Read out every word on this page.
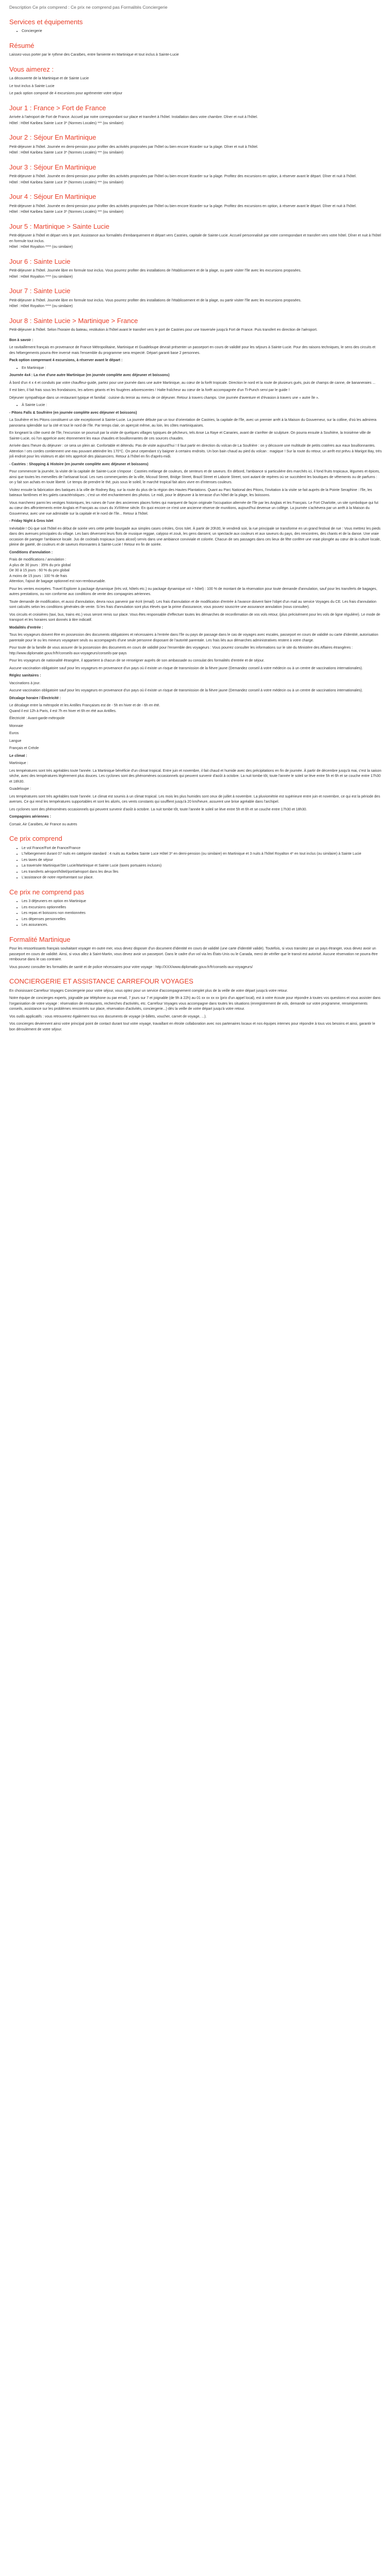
Description Ce prix comprend : Ce prix ne comprend pas Formalités Conciergerie
Services et équipements
• Conciergerie
Résumé

Laissez-vous porter par le rythme des Caraïbes, entre farniente en Martinique et tout inclus à Sainte-Lucie

Vous aimerez :

La découverte de la Martinique et de Sainte Lucie

Le tout inclus à Sainte Lucie

Le pack option composé de 4 excursions pour agrémenter votre séjour

Jour 1 : France > Fort de France

Arrivée à l'aéroport de Fort de France. Accueil par notre correspondant sur place et transfert à l'hôtel. Installation dans votre chambre. Dîner et nuit à l'hôtel.

Hôtel : Hôtel Karibea Sainte Luce 3* (Normes Locales) *** (ou similaire)

Jour 2 : Séjour En Martinique

Petit-déjeuner à l'hôtel. Journée en demi-pension pour profiter des activités proposées par l'hôtel ou bien encore lézarder sur la plage. Dîner et nuit à l'hôtel.

Hôtel : Hôtel Karibea Sainte Luce 3* (Normes Locales) *** (ou similaire)

Jour 3 : Séjour En Martinique

Petit-déjeuner à l'hôtel. Journée en demi-pension pour profiter des activités proposées par l'hôtel ou bien encore lézarder sur la plage. Profitez des excursions en option, à réserver avant le départ. Dîner et nuit à l'hôtel.

Hôtel : Hôtel Karibea Sainte Luce 3* (Normes Locales) *** (ou similaire)

Jour 4 : Séjour En Martinique

Petit-déjeuner à l'hôtel. Journée en demi-pension pour profiter des activités proposées par l'hôtel ou bien encore lézarder sur la plage. Profitez des excursions en option, à réserver avant le départ. Dîner et nuit à l'hôtel.

Hôtel : Hôtel Karibea Sainte Luce 3* (Normes Locales) *** (ou similaire)

Jour 5 : Martinique > Sainte Lucie

Petit-déjeuner à l'hôtel et départ vers le port. Assistance aux formalités d'embarquement et départ vers Castries, capitale de Sainte-Lucie. Accueil personnalisé par votre correspondant et transfert vers votre hôtel. Dîner et nuit à l'hôtel en formule tout inclus.

Hôtel : Hôtel Royalton **** (ou similaire)

Jour 6 : Sainte Lucie

Petit-déjeuner à l'hôtel. Journée libre en formule tout inclus. Vous pourrez profiter des installations de l'établissement et de la plage, ou partir visiter l'île avec les excursions proposées.

Hôtel : Hôtel Royalton **** (ou similaire)

Jour 7 : Sainte Lucie

Petit-déjeuner à l'hôtel. Journée libre en formule tout inclus. Vous pourrez profiter des installations de l'établissement et de la plage, ou partir visiter l'île avec les excursions proposées.

Hôtel : Hôtel Royalton **** (ou similaire)

Jour 8 : Sainte Lucie > Martinique > France

Petit-déjeuner à l'hôtel. Selon l'horaire du bateau, restitution à l'hôtel avant le transfert vers le port de Castries pour une traversée jusqu'à Fort de France. Puis transfert en direction de l'aéroport.

Bon à savoir :

Le ravitaillement français en provenance de France Métropolitaine, Martinique et Guadeloupe devrait présenter un passeport en cours de validité pour les séjours à Sainte-Lucie. Pour des raisons techniques, le sens des circuits et des hébergements pourra être inversé mais l'ensemble du programme sera respecté. Départ garanti base 2 personnes.

Pack option comprenant 4 excursions, à réserver avant le départ :

• En Martinique :

Journée 4x4 : La rive d'une autre Martinique (en journée complète avec déjeuner et boissons)

À bord d'un 4 x 4 et conduits par votre chauffeur-guide, partez pour une journée dans une autre Martinique, au cœur de la forêt tropicale. Direction le nord et la route de plusieurs gués, puis de champs de canne, de bananeraies ...

Il est bien, il fait frais sous les frondaisons, les arbres géants et les fougères arborescentes ! Halte fraîcheur au cœur de la forêt accompagnée d'un Ti-Punch servi par le guide !

Déjeuner sympathique dans un restaurant typique et familial : cuisine du terroir au menu de ce déjeuner. Retour à travers champs. Une journée d'aventure et d'évasion à travers une « autre île ».

• À Sainte Lucie :

- Pitons Falls & Soufrière (en journée complète avec déjeuner et boissons)

La Soufrière et les Pitons constituent un site exceptionnel à Sainte-Lucie. La journée débute par un tour d'orientation de Castries, la capitale de l'île, avec un premier arrêt à la Maison du Gouverneur, sur la colline, d'où les admirera panorama splendide sur la cité et tout le nord de l'île. Par temps clair, on aperçoit même, au loin, les côtes martiniquaises.

En longeant la côte ouest de l'île, l'excursion se poursuit par la visite de quelques villages typiques de pêcheurs, tels Anse La Raye et Canaries, avant de s'arrêter de sculpture. On pourra ensuite à Soufrière, la troisième ville de Sainte-Lucie, où l'on apprécie avec étonnement les eaux chaudes et bouillonnantes de ces sources chaudes.

Arrivée dans l'heure du déjeuner : ce sera un plein air. Confortable et détendu. Pas de visite aujourd'hui ! Il faut partir en direction du volcan de La Soufrière : on y découvre une multitude de petits cratères aux eaux bouillonnantes. Attention ! ces cordes contiennent une eau pouvant atteindre les 170°C. On peut cependant s'y baigner à certains endroits. Un bon bain chaud au pied du volcan : magique ! Sur la route du retour, un arrêt est prévu à Marigot Bay, trés joli endroit pour les visiteurs et abri très apprécié des plaisanciers. Retour à l'hôtel en fin d'après-midi.

- Castries : Shopping & Histoire (en journée complète avec déjeuner et boissons)

Pour commencer la journée, la visite de la capitale de Sainte-Lucie s'impose : Castries mélange de couleurs, de senteurs et de saveurs. En débord, l'ambiance si particulière des marchés ici, il fond fruits tropicaux, légumes et épices, ainsi que toutes les merveilles de l'artisanat local. Les rues commerçantes de la ville, Micoud Street, Bridge Street, Brazil Street et Laborie Street, sont autant de repères où se succèdent les boutiques de vêtements ou de parfums : on y fait son achats en toute liberté. Le temps de prendre le thé, puis sous le soleil, le marché tropical fait alors vivre en d'intenses couleurs.

Visitez ensuite la fabrication des batiques à la ville de Rodney Bay, sur la route du plus de la région des Hautes Plantations. Quant au Parc National des Pitons, l'invitation à la visite se fait auprès de la Pointe Seraphine : l'île, les bateaux fantômes et les galets caractéristiques ; c'est un réel enchantement des photos. Le midi, pour le déjeuner à la terrasse d'un hôtel de la plage, les boissons.

Vous marcherez parmi les vestiges historiques, les ruines de l'une des anciennes places fortes qui marquent de façon originale l'occupation alternée de l'île par les Anglais et les Français. Le Fort Charlotte, un site symbolique qui fut au cœur des affrontements entre Anglais et Français au cours du XVIIIème siècle. En quoi encore ce n'est une ancienne réserve de munitions, aujourd'hui devenue un collège. La journée s'achèvera par un arrêt à la Maison du Gouverneur, avec une vue admirable sur la capitale et le nord de l'île... Retour à l'hôtel.

- Friday Night à Gros Islet

Inévitable ! Où que soit l'hôtel en début de soirée vers cette petite bourgade aux simples cases créoles, Gros Islet. À partir de 20h30, le vendredi soir, la rue principale se transforme en un grand festival de rue : Vous mettrez les pieds dans des avenues principales du village. Les bars déversent leurs flots de musique reggae, calypso et zouk, les gens dansent, un spectacle aux couleurs et aux saveurs du pays, des rencontres, des chants et de la danse. Une vraie occasion de partager l'ambiance locale. Jus de cocktails tropicaux (sans alcool) servis dans une ambiance conviviale et colorée. Chacun de ses passages dans ces lieux de fête confère une vraie plongée au cœur de la culture locale, pleine de gaieté, de couleurs et de saveurs étonnantes à Sainte-Lucie ! Retour en fin de soirée.

Conditions d'annulation :

Frais de modifications / annulation :
A plus de 30 jours : 35% du prix global
De 30 à 15 jours : 60 % du prix global
A moins de 15 jours : 100 % de frais
Attention, l'ajout de bagage optionnel est non-remboursable.

Pour les ventes excepées. Travel Explorer à package dynamique (très vol, hôtels etc.) ou package dynamique vol + hôtel) : 100 % de montant de la réservation pour toute demande d'annulation, sauf pour les transferts de bagages, autres prestations, ou non conforme aux conditions de vente des compagnies aériennes.

Toute demande de modification, et aussi d'annulation, devra nous parvenir par écrit (email). Les frais d'annulation et de modification d'entrée à l'avance doivent faire l'objet d'un mail au service Voyages du CE. Les frais d'annulation sont calculés selon les conditions générales de vente. Si les frais d'annulation sont plus élevés que la prime d'assurance, vous pouvez souscrire une assurance annulation (nous consulter).

Vos circuits et croisières (taxi, bus, trains etc.) vous seront remis sur place. Vous êtes responsable d'effectuer toutes les démarches de reconfirmation de vos vols retour, (plus précisément pour les vols de ligne régulière). Le mode de transport et les horaires sont donnés à titre indicatif.

Modalités d'entrée :

Tous les voyageurs doivent être en possession des documents obligatoires et nécessaires à l'entrée dans l'île ou pays de passage dans le cas de voyages avec escales, passeport en cours de validité ou carte d'identité, autorisation parentale pour le ou les mineurs voyageant seuls ou accompagnés d'une seule personne disposant de l'autorité parentale. Les frais liés aux démarches administratives restent à votre charge.

Pour toute de la famille de vous assurer de la possession des documents en cours de validité pour l'ensemble des voyageurs : Vous pourrez consulter les informations sur le site du Ministère des Affaires étrangères : http://www.diplomatie.gouv.fr/fr/conseils-aux-voyageurs/conseils-par-pays

Pour les voyageurs de nationalité étrangère, il appartient à chacun de se renseigner auprès de son ambassade ou consulat des formalités d'entrée et de séjour.

Aucune vaccination obligatoire sauf pour les voyageurs en provenance d'un pays où il existe un risque de transmission de la fièvre jaune (Demandez conseil à votre médecin ou à un centre de vaccinations internationales).

Réglez sanitaires :

Vaccinations à jour.

Aucune vaccination obligatoire sauf pour les voyageurs en provenance d'un pays où il existe un risque de transmission de la fièvre jaune (Demandez conseil à votre médecin ou à un centre de vaccinations internationales).

Décalage horaire / Électricité :

Le décalage entre la métropole et les Antilles Françaises est de - 5h en hiver et de - 6h en été.
Quand il est 12h à Paris, il est 7h en hiver et 6h en été aux Antilles.

Électricité : Avant-garde-métropole

Monnaie

Euros

Langue

Français et Créole

Le climat :

Martinique :

Les températures sont très agréables toute l'année. La Martinique bénéficie d'un climat tropical. Entre juin et novembre, il fait chaud et humide avec des précipitations en fin de journée. À partir de décembre jusqu'à mai, c'est la saison sèche, avec des températures légèrement plus douces. Les cyclones sont des phénomènes occasionnels qui peuvent survenir d'août à octobre. La nuit tombe tôt, toute l'année le soleil se lève entre 5h et 6h et se couche entre 17h30 et 18h30.

Guadeloupe :

Les températures sont très agréables toute l'année. Le climat est soumis à un climat tropical. Les mois les plus humides sont ceux de juillet à novembre. La pluviométrie est supérieure entre juin et novembre, ce qui est la période des averses. Ce qui rend les températures supportables et sont les alizés, ces vents constants qui soufflent jusqu'à 20 km/heure, assurent une brise agréable dans l'archipel.

Les cyclones sont des phénomènes occasionnels qui peuvent survenir d'août à octobre. La nuit tombe tôt, toute l'année le soleil se lève entre 5h et 6h et se couche entre 17h30 et 18h30.

Compagnies aériennes :

Corsair, Air Caraïbes, Air France ou autres

Ce prix comprend
• Le vol France/Fort de France/France
• L'hébergement durant 07 nuits en catégorie standard : 4 nuits au Karibea Sainte Luce Hôtel 3* en demi-pension (ou similaire) en Martinique et 3 nuits à l'hôtel Royalton 4* en tout inclus (ou similaire) à Sainte Lucie
• Les taxes de séjour
• La traversée Martinique/Ste Lucie/Martinique et Sainte Lucie (taxes portuaires incluses)
• Les transferts aéroport/hôtel/port/aéroport dans les deux îles
• L'assistance de notre représentant sur place.
Ce prix ne comprend pas
• Les 3 déjeuners en option en Martinique
• Les excursions optionnelles
• Les repas et boissons non mentionnées
• Les dépenses personnelles
• Les assurances.
Formalité Martinique

Pour les ressortissants français souhaitant voyager en outre mer, vous devez disposer d'un document d'identité en cours de validité (une carte d'identité valide). Toutefois, si vous transitez par un pays étranger, vous devez avoir un passeport en cours de validité. Ainsi, si vous allez à Saint-Martin, vous devez avoir un passeport. Dans le cadre d'un vol via les États-Unis ou le Canada, merci de vérifier que le transit est autorisé. Aucune réservation ne pourra être rembourse dans le cas contraire.

Vous pouvez consulter les formalités de santé et de police nécessaires pour votre voyage : http://XXX/www.diplomatie.gouv.fr/fr/conseils-aux-voyageurs/

CONCIERGERIE ET ASSISTANCE CARREFOUR VOYAGES

En choisissant Carrefour Voyages Conciergerie pour votre séjour, vous optez pour un service d'accompagnement complet plus de la veille de votre départ jusqu'à votre retour.

Notre équipe de concierges experts, joignable par téléphone ou par email, 7 jours sur 7 et joignable (de 9h à 22h) au 01 xx xx xx xx (prix d'un appel local), est à votre écoute pour répondre à toutes vos questions et vous assister dans l'organisation de votre voyage : réservation de restaurants, recherches d'activités, etc. Carrefour Voyages vous accompagne dans toutes les situations (enregistrement de vols, demande sur votre programme, renseignements conseils, assistance sur les problèmes rencontrés sur place, réservation d'activités, conciergerie...) dès la veille de votre départ jusqu'à votre retour.

Vos outils applicatifs : vous retrouverez également tous vos documents de voyage (e-billets, voucher, carnet de voyage, ...).

Vos concierges deviennent ainsi votre principal point de contact durant tout votre voyage, travaillant en étroite collaboration avec nos partenaires locaux et nos équipes internes pour répondre à tous vos besoins et ainsi, garantir le bon déroulement de votre séjour.
